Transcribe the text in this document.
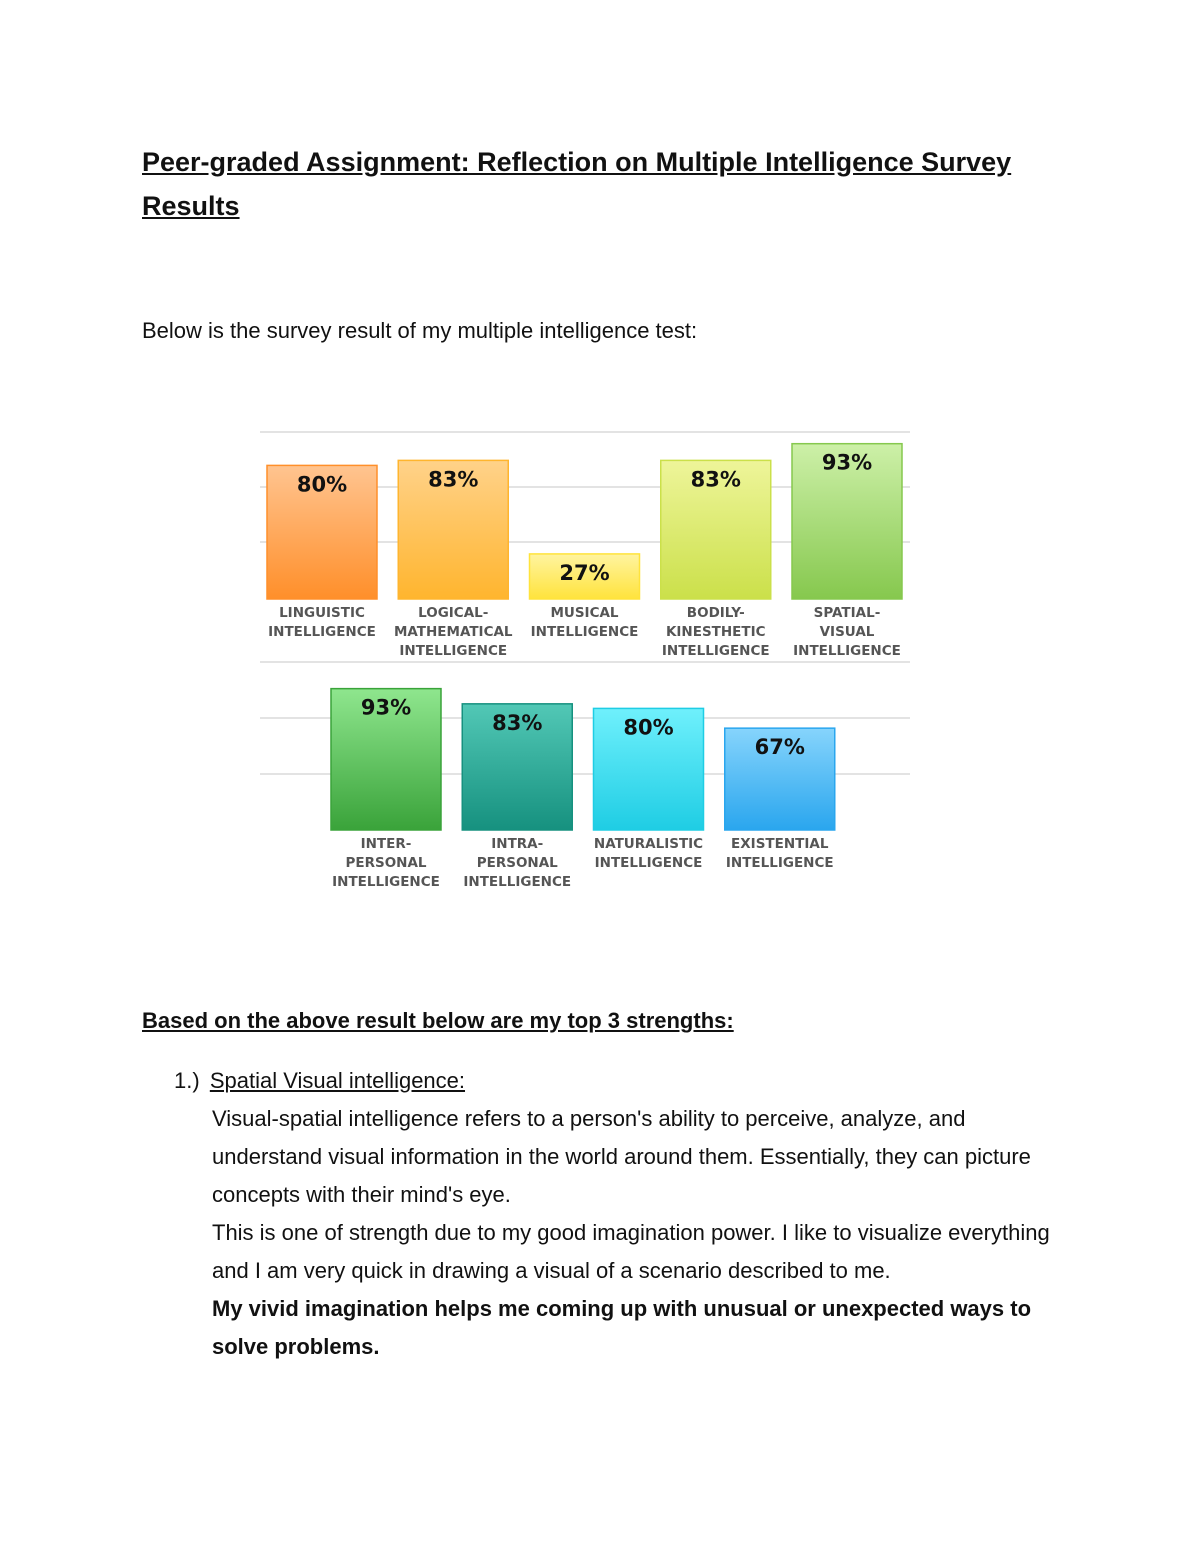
Peer-graded Assignment: Reflection on Multiple Intelligence Survey Results

Below is the survey result of my multiple intelligence test:

80%
LINGUISTIC
INTELLIGENCE
83%
LOGICAL-
MATHEMATICAL
INTELLIGENCE
27%
MUSICAL
INTELLIGENCE
83%
BODILY-
KINESTHETIC
INTELLIGENCE
93%
SPATIAL-
VISUAL
INTELLIGENCE
93%
INTER-
PERSONAL
INTELLIGENCE
83%
INTRA-
PERSONAL
INTELLIGENCE
80%
NATURALISTIC
INTELLIGENCE
67%
EXISTENTIAL
INTELLIGENCE
Based on the above result below are my top 3 strengths:

1.) Spatial Visual intelligence:

Visual-spatial intelligence refers to a person's ability to perceive, analyze, and understand visual information in the world around them. Essentially, they can picture concepts with their mind's eye.

This is one of strength due to my good imagination power. I like to visualize everything and I am very quick in drawing a visual of a scenario described to me.

My vivid imagination helps me coming up with unusual or unexpected ways to solve problems.
